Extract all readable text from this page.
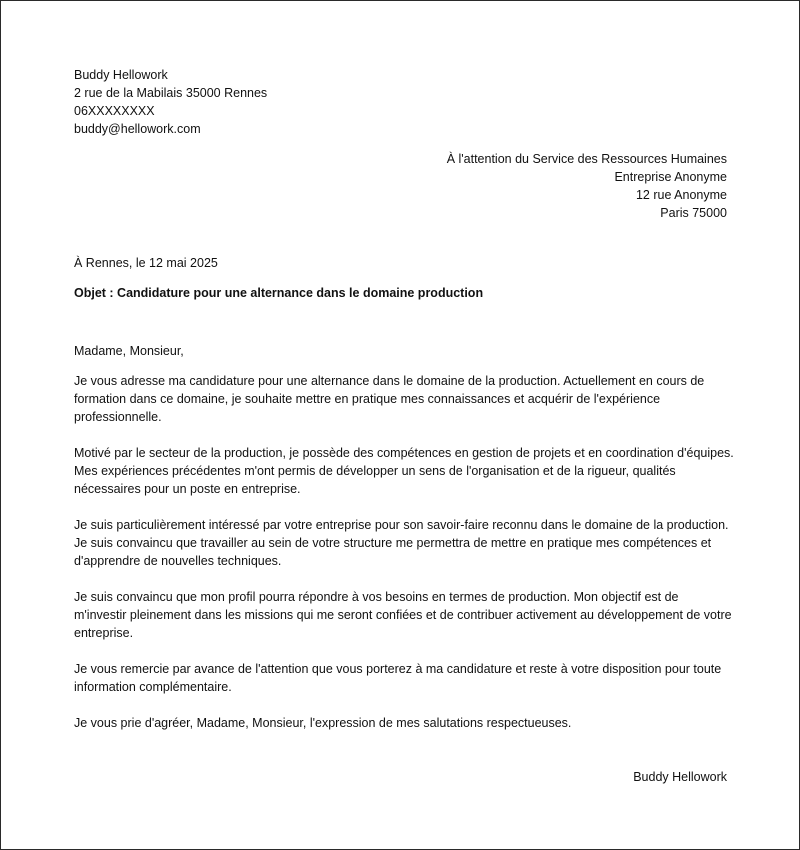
Buddy Hellowork
2 rue de la Mabilais 35000 Rennes
06XXXXXXXX
buddy@hellowork.com
À l'attention du Service des Ressources Humaines
Entreprise Anonyme
12 rue Anonyme
Paris 75000
À Rennes, le 12 mai 2025
Objet : Candidature pour une alternance dans le domaine production
Madame, Monsieur,

Je vous adresse ma candidature pour une alternance dans le domaine de la production. Actuellement en cours de formation dans ce domaine, je souhaite mettre en pratique mes connaissances et acquérir de l'expérience professionnelle.

Motivé par le secteur de la production, je possède des compétences en gestion de projets et en coordination d'équipes. Mes expériences précédentes m'ont permis de développer un sens de l'organisation et de la rigueur, qualités nécessaires pour un poste en entreprise.

Je suis particulièrement intéressé par votre entreprise pour son savoir-faire reconnu dans le domaine de la production. Je suis convaincu que travailler au sein de votre structure me permettra de mettre en pratique mes compétences et d'apprendre de nouvelles techniques.

Je suis convaincu que mon profil pourra répondre à vos besoins en termes de production. Mon objectif est de m'investir pleinement dans les missions qui me seront confiées et de contribuer activement au développement de votre entreprise.

Je vous remercie par avance de l'attention que vous porterez à ma candidature et reste à votre disposition pour toute information complémentaire.

Je vous prie d'agréer, Madame, Monsieur, l'expression de mes salutations respectueuses.

Buddy Hellowork
